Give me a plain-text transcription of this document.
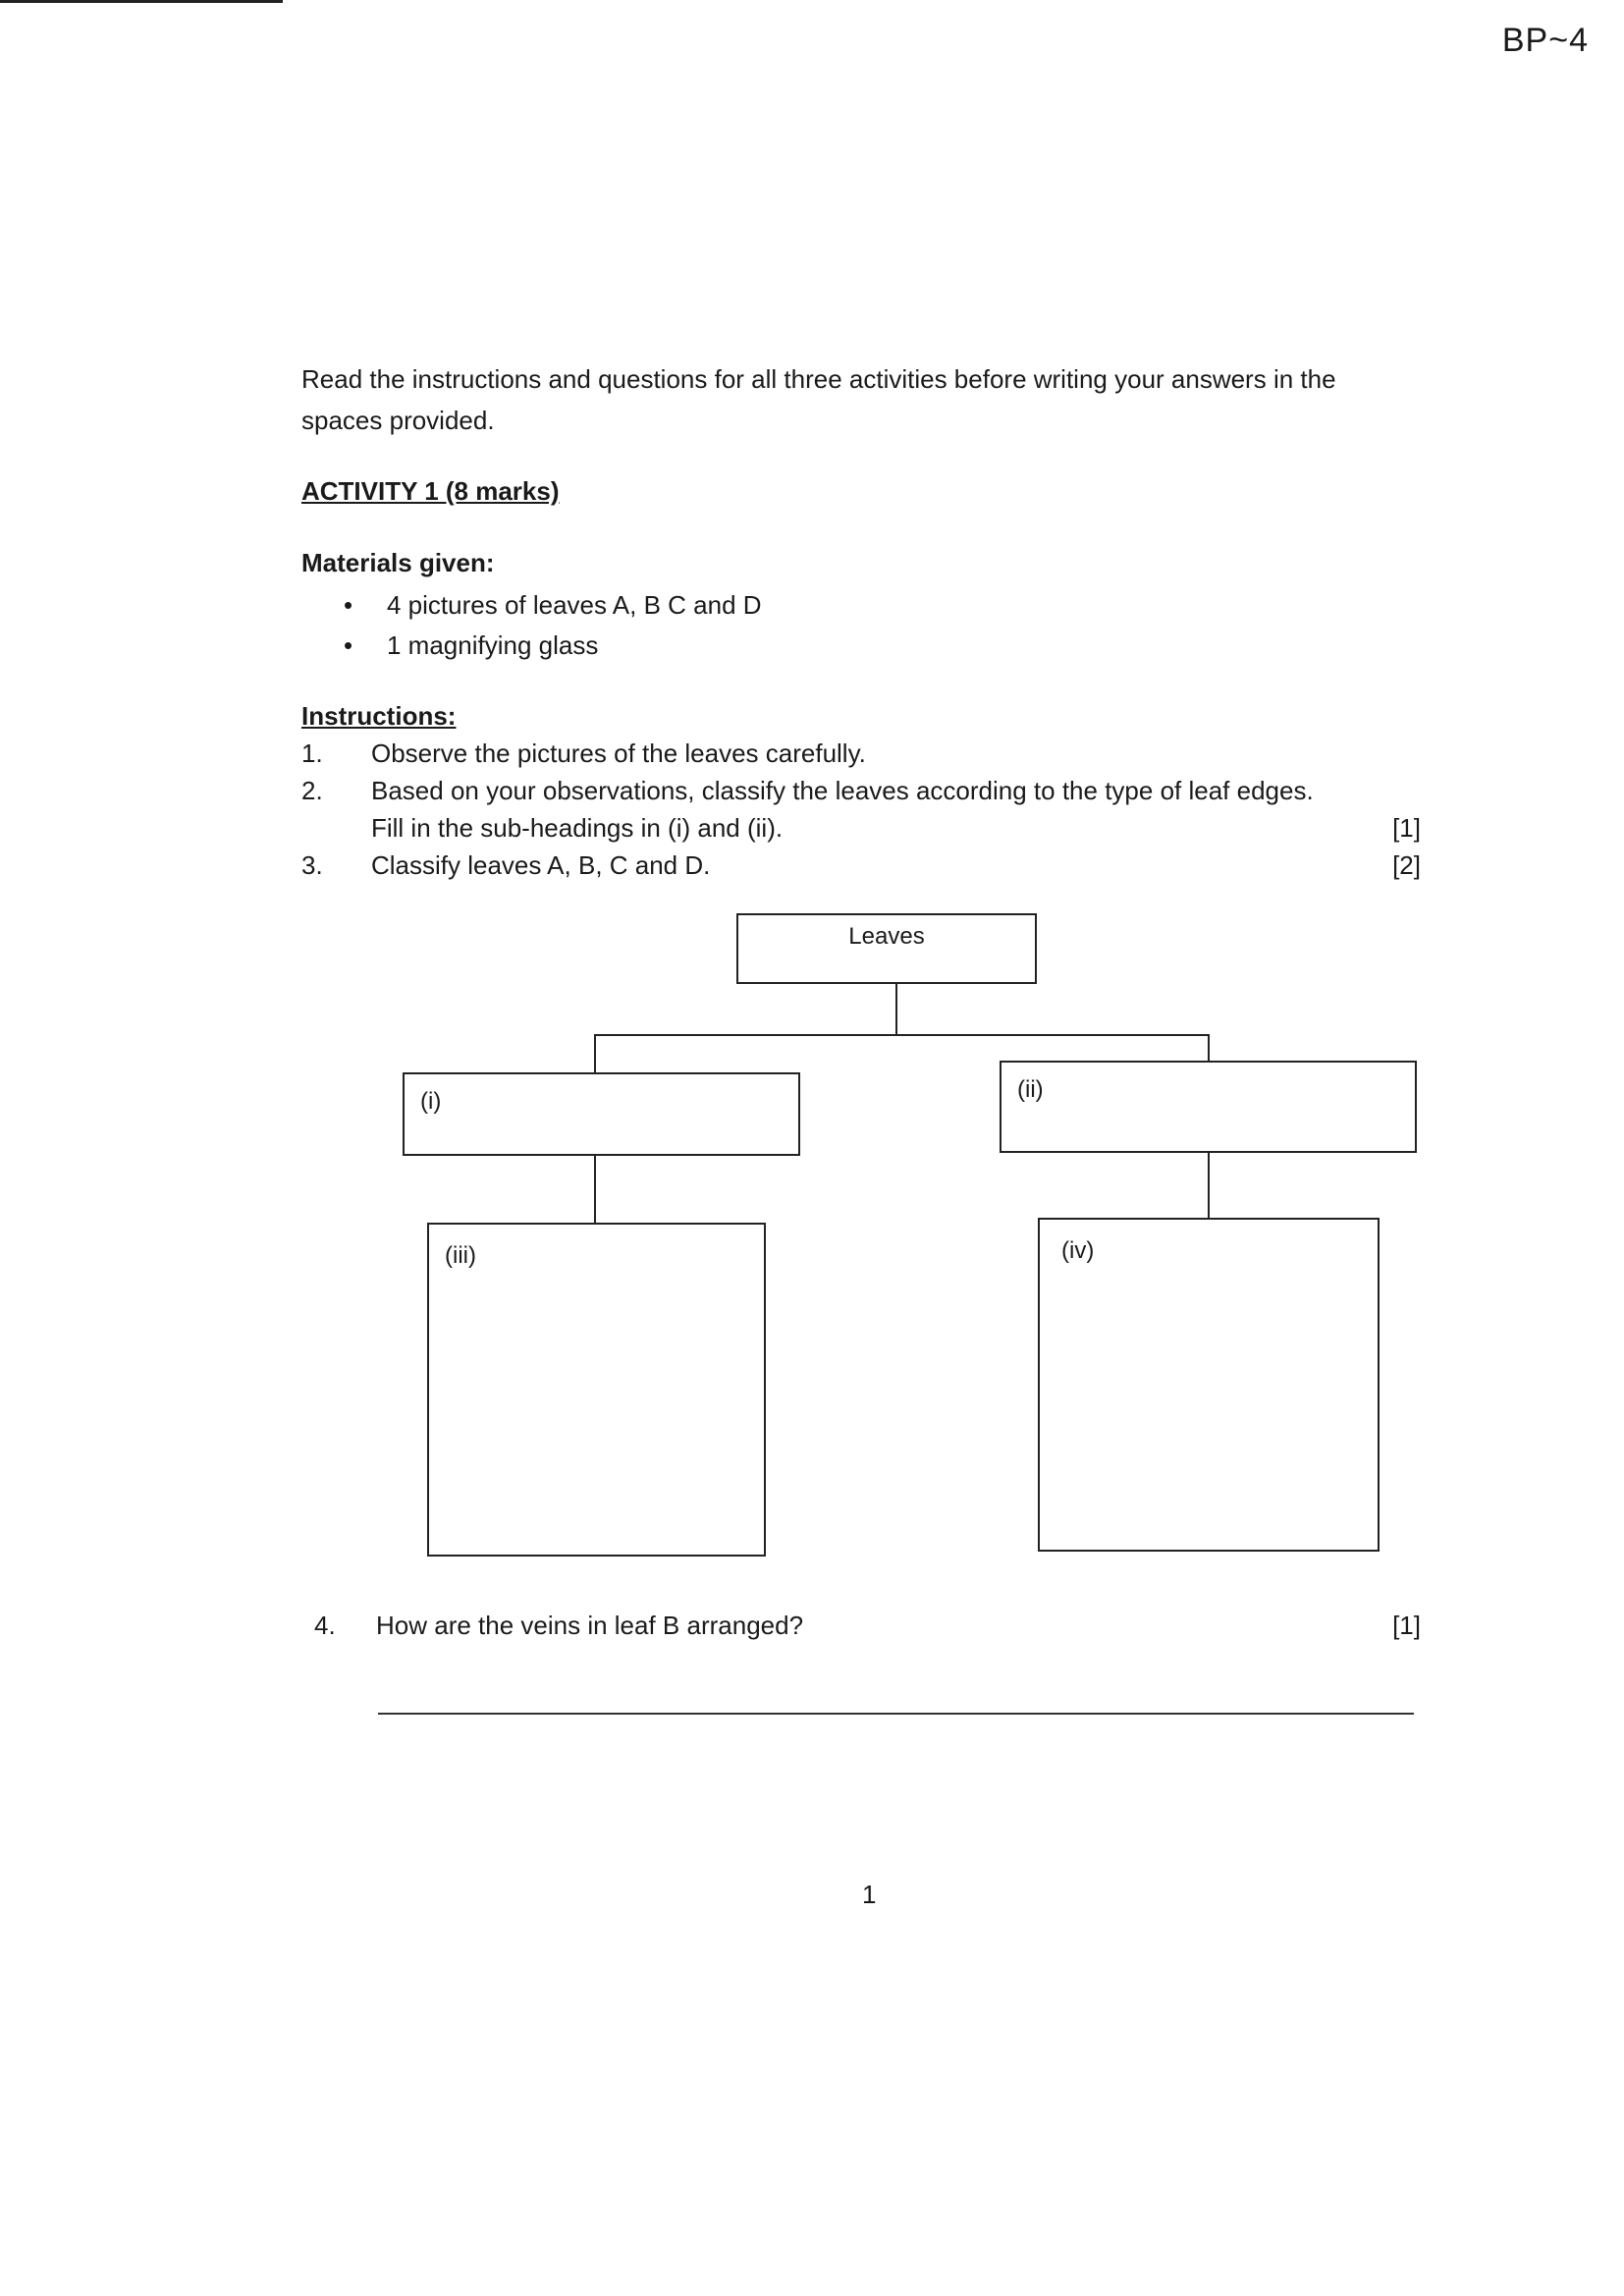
BP~4
Read the instructions and questions for all three activities before writing your answers in the spaces provided.
ACTIVITY 1 (8 marks)
Materials given:
• 4 pictures of leaves A, B C and D
• 1 magnifying glass
Instructions:
1.	Observe the pictures of the leaves carefully.
2.	Based on your observations, classify the leaves according to the type of leaf edges.
Fill in the sub-headings in (i) and (ii).	[1]
3.	Classify leaves A, B, C and D.	[2]
Leaves
(i)	(ii)
(iii)	(iv)
4.	How are the veins in leaf B arranged?	[1]
1
